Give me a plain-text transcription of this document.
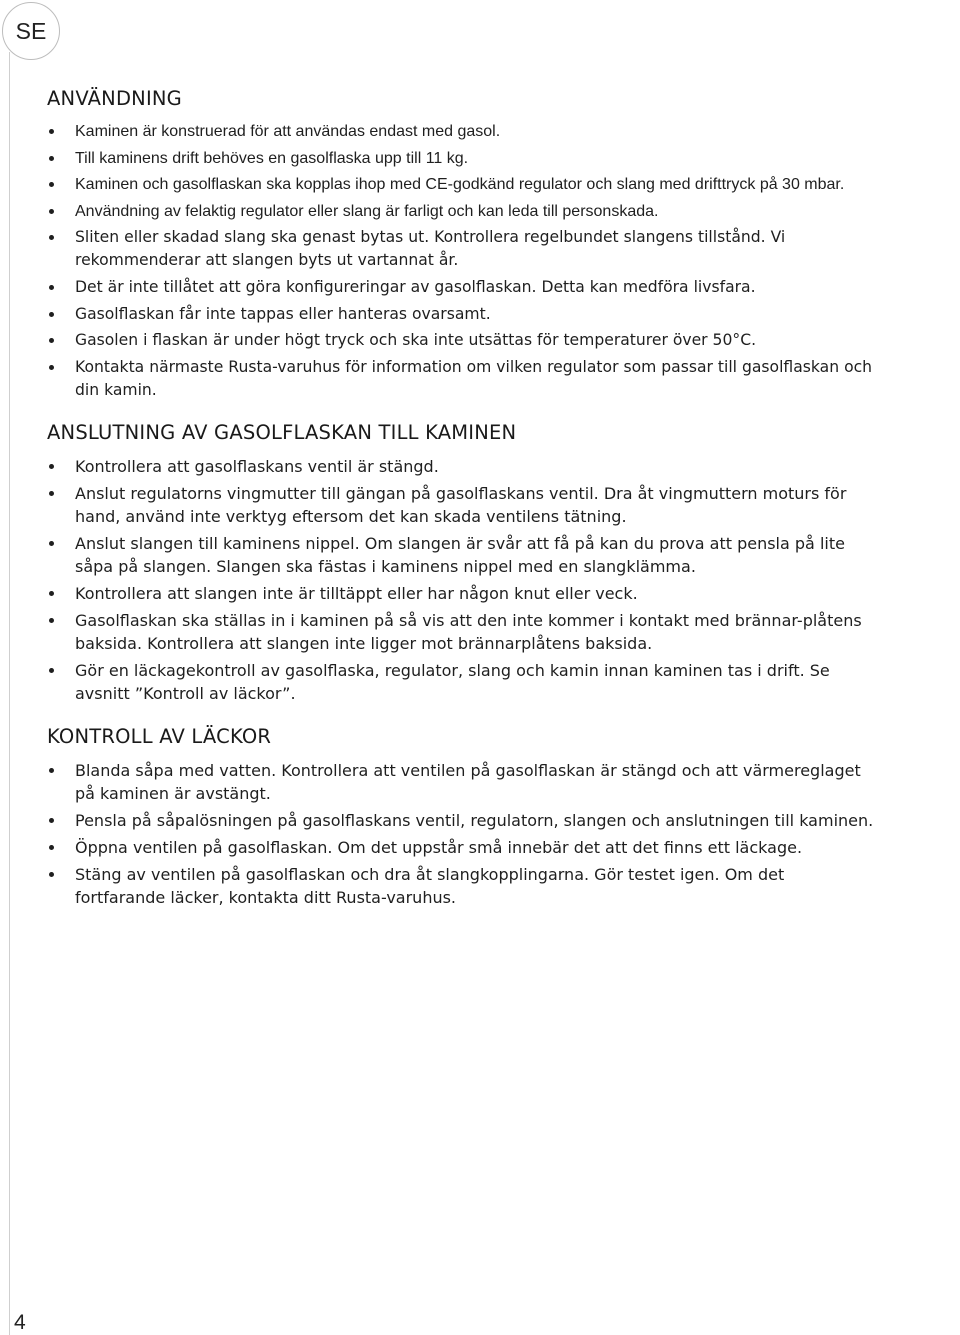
SE
ANVÄNDNING
Kaminen är konstruerad för att användas endast med gasol.
Till kaminens drift behöves en gasolflaska upp till 11 kg.
Kaminen och gasolflaskan ska kopplas ihop med CE-godkänd regulator och slang med drifttryck på 30 mbar.
Användning av felaktig regulator eller slang är farligt och kan leda till personskada.
Sliten eller skadad slang ska genast bytas ut. Kontrollera regelbundet slangens tillstånd. Vi rekommenderar att slangen byts ut vartannat år.
Det är inte tillåtet att göra konfigureringar av gasolflaskan. Detta kan medföra livsfara.
Gasolflaskan får inte tappas eller hanteras ovarsamt.
Gasolen i flaskan är under högt tryck och ska inte utsättas för temperaturer över 50°C.
Kontakta närmaste Rusta-varuhus för information om vilken regulator som passar till gasolflaskan och din kamin.
ANSLUTNING AV GASOLFLASKAN TILL KAMINEN
Kontrollera att gasolflaskans ventil är stängd.
Anslut regulatorns vingmutter till gängan på gasolflaskans ventil. Dra åt vingmuttern moturs för hand, använd inte verktyg eftersom det kan skada ventilens tätning.
Anslut slangen till kaminens nippel. Om slangen är svår att få på kan du prova att pensla på lite såpa på slangen. Slangen ska fästas i kaminens nippel med en slangklämma.
Kontrollera att slangen inte är tilltäppt eller har någon knut eller veck.
Gasolflaskan ska ställas in i kaminen på så vis att den inte kommer i kontakt med brännar-plåtens baksida. Kontrollera att slangen inte ligger mot brännarplåtens baksida.
Gör en läckagekontroll av gasolflaska, regulator, slang och kamin innan kaminen tas i drift. Se avsnitt ”Kontroll av läckor”.
KONTROLL AV LÄCKOR
Blanda såpa med vatten. Kontrollera att ventilen på gasolflaskan är stängd och att värmereglaget på kaminen är avstängt.
Pensla på såpalösningen på gasolflaskans ventil, regulatorn, slangen och anslutningen till kaminen.
Öppna ventilen på gasolflaskan. Om det uppstår små innebär det att det finns ett läckage.
Stäng av ventilen på gasolflaskan och dra åt slangkopplingarna. Gör testet igen. Om det fortfarande läcker, kontakta ditt Rusta-varuhus.
4
